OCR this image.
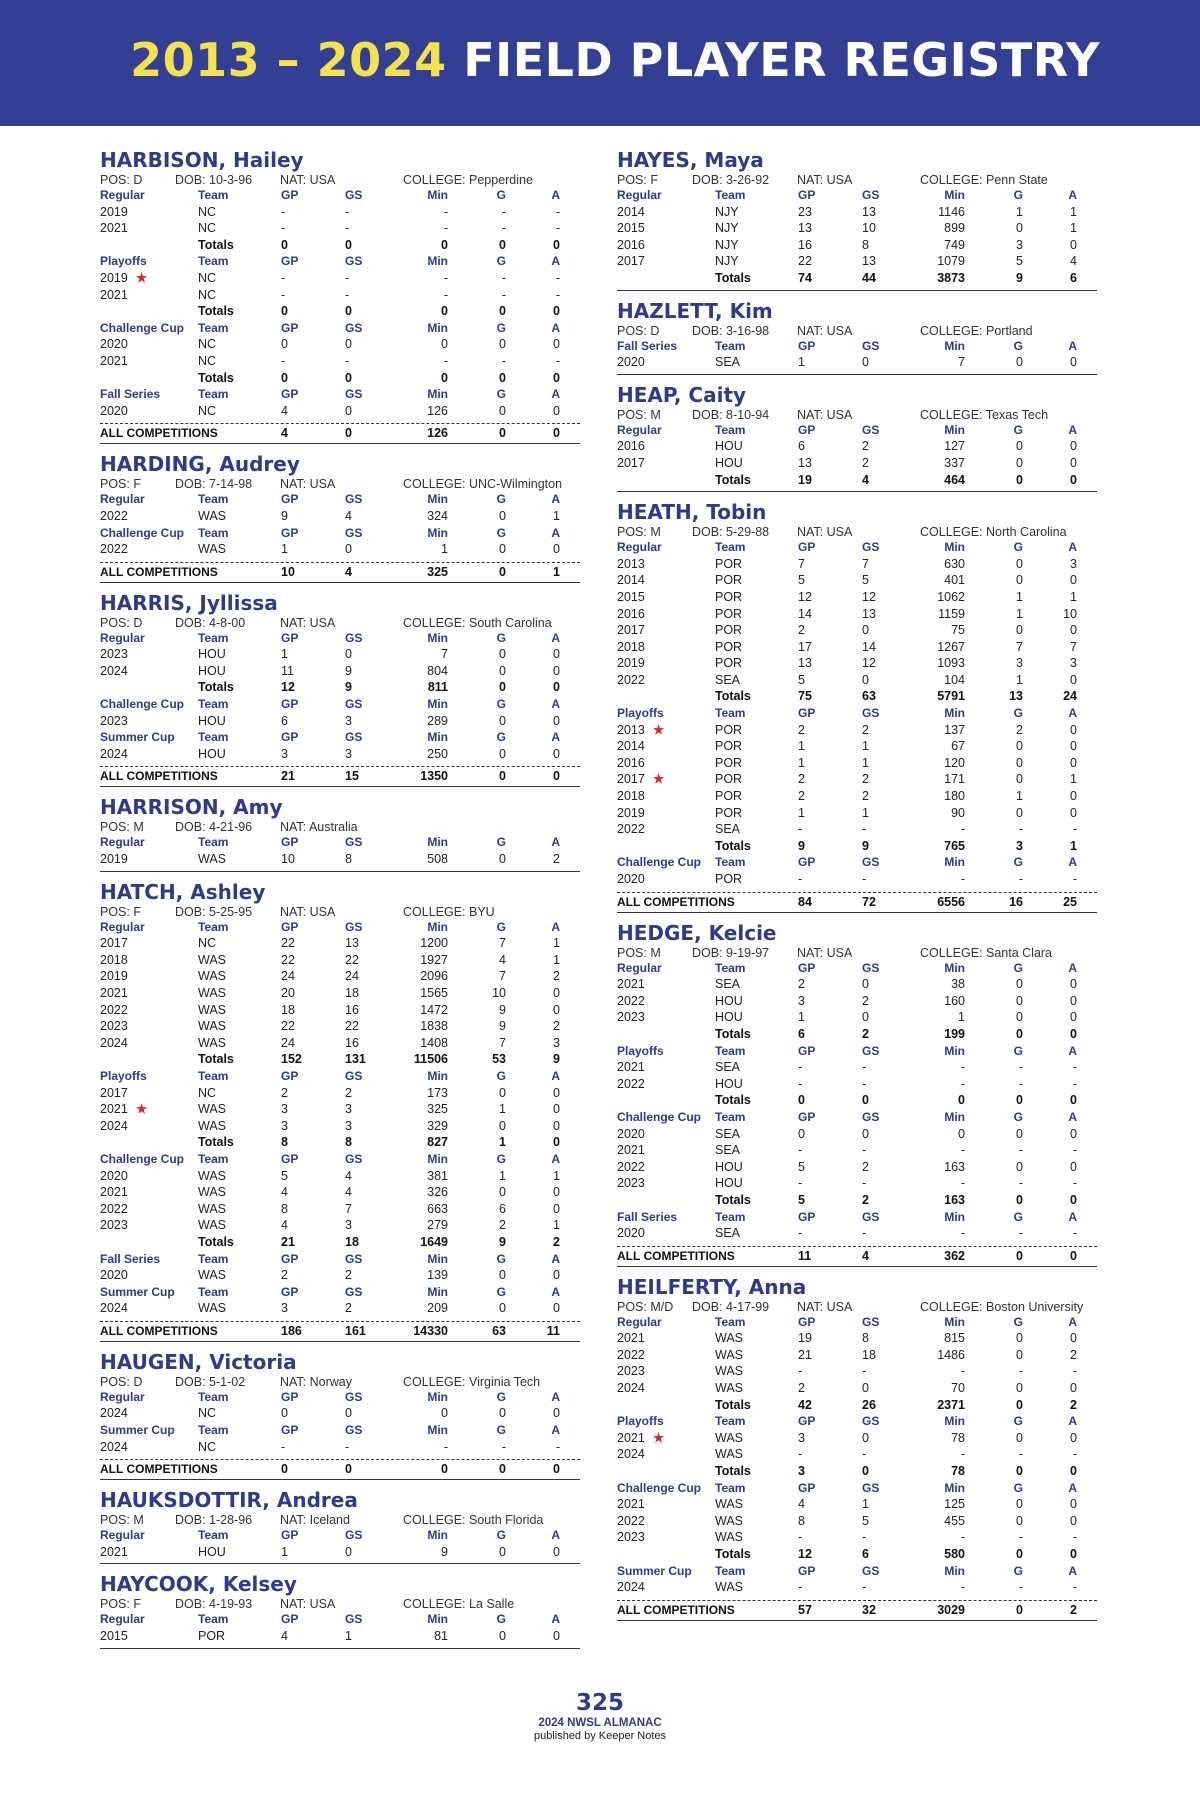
2013 – 2024 FIELD PLAYER REGISTRY
HARBISON, Hailey
POS: D	DOB: 10-3-96 NAT: USA	COLLEGE: Pepperdine
Regular	Team	GP	GS	Min	G	A
2019	NC	-	-	-	-	-
2021	NC	-	-	-	-	-
Totals	0	0	0	0	0
Playoffs	Team	GP	GS	Min	G	A
2019 ★	NC	-	-	-	-	-
2021	NC	-	-	-	-	-
Totals	0	0	0	0	0
Challenge Cup Team	GP	GS	Min	G	A
2020	NC	0	0	0	0	0
2021	NC	-	-	-	-	-
Totals	0	0	0	0	0
Fall Series	Team	GP	GS	Min	G	A
2020	NC	4	0	126	0	0
ALL COMPETITIONS	4	0	126	0	0
HARDING, Audrey
POS: F	DOB: 7-14-98 NAT: USA	COLLEGE: UNC-Wilmington
Regular	Team	GP	GS	Min	G	A
2022	WAS	9	4	324	0	1
Challenge Cup Team	GP	GS	Min	G	A
2022	WAS	1	0	1	0	0
ALL COMPETITIONS	10	4	325	0	1
HARRIS, Jyllissa
POS: D	DOB: 4-8-00	NAT: USA	COLLEGE: South Carolina
Regular	Team	GP	GS	Min	G	A
2023	HOU	1	0	7	0	0
2024	HOU	11	9	804	0	0
Totals	12	9	811	0	0
Challenge Cup Team	GP	GS	Min	G	A
2023	HOU	6	3	289	0	0
Summer Cup Team	GP	GS	Min	G	A
2024	HOU	3	3	250	0	0
ALL COMPETITIONS	21	15	1350	0	0
HARRISON, Amy
POS: M DOB: 4-21-96 NAT: Australia
Regular	Team	GP	GS	Min	G	A
2019	WAS	10	8	508	0	2
HATCH, Ashley
POS: F	DOB: 5-25-95 NAT: USA	COLLEGE: BYU
Regular	Team	GP	GS	Min	G	A
2017	NC	22	13	1200	7	1
2018	WAS	22	22	1927	4	1
2019	WAS	24	24	2096	7	2
2021	WAS	20	18	1565	10	0
2022	WAS	18	16	1472	9	0
2023	WAS	22	22	1838	9	2
2024	WAS	24	16	1408	7	3
Totals	152	131	11506	53	9
Playoffs	Team	GP	GS	Min	G	A
2017	NC	2	2	173	0	0
2021 ★	WAS	3	3	325	1	0
2024	WAS	3	3	329	0	0
Totals	8	8	827	1	0
Challenge Cup Team	GP	GS	Min	G	A
2020	WAS	5	4	381	1	1
2021	WAS	4	4	326	0	0
2022	WAS	8	7	663	6	0
2023	WAS	4	3	279	2	1
Totals	21	18	1649	9	2
Fall Series	Team	GP	GS	Min	G	A
2020	WAS	2	2	139	0	0
Summer Cup Team	GP	GS	Min	G	A
2024	WAS	3	2	209	0	0
ALL COMPETITIONS	186	161	14330	63	11
HAUGEN, Victoria
POS: D	DOB: 5-1-02	NAT: Norway	COLLEGE: Virginia Tech
Regular	Team	GP	GS	Min	G	A
2024	NC	0	0	0	0	0
Summer Cup Team	GP	GS	Min	G	A
2024	NC	-	-	-	-	-
ALL COMPETITIONS	0	0	0	0	0
HAUKSDOTTIR, Andrea
POS: M DOB: 1-28-96 NAT: Iceland	COLLEGE: South Florida
Regular	Team	GP	GS	Min	G	A
2021	HOU	1	0	9	0	0
HAYCOOK, Kelsey
POS: F	DOB: 4-19-93 NAT: USA	COLLEGE: La Salle
Regular	Team	GP	GS	Min	G	A
2015	POR	4	1	81	0	0
HAYES, Maya
POS: F	DOB: 3-26-92 NAT: USA	COLLEGE: Penn State
Regular	Team	GP	GS	Min	G	A
2014	NJY	23	13	1146	1	1
2015	NJY	13	10	899	0	1
2016	NJY	16	8	749	3	0
2017	NJY	22	13	1079	5	4
Totals	74	44	3873	9	6
HAZLETT, Kim
POS: D	DOB: 3-16-98 NAT: USA	COLLEGE: Portland
Fall Series	Team	GP	GS	Min	G	A
2020	SEA	1	0	7	0	0
HEAP, Caity
POS: M DOB: 8-10-94 NAT: USA	COLLEGE: Texas Tech
Regular	Team	GP	GS	Min	G	A
2016	HOU	6	2	127	0	0
2017	HOU	13	2	337	0	0
Totals	19	4	464	0	0
HEATH, Tobin
POS: M DOB: 5-29-88 NAT: USA	COLLEGE: North Carolina
Regular	Team	GP	GS	Min	G	A
2013	POR	7	7	630	0	3
2014	POR	5	5	401	0	0
2015	POR	12	12	1062	1	1
2016	POR	14	13	1159	1	10
2017	POR	2	0	75	0	0
2018	POR	17	14	1267	7	7
2019	POR	13	12	1093	3	3
2022	SEA	5	0	104	1	0
Totals	75	63	5791	13	24
Playoffs	Team	GP	GS	Min	G	A
2013 ★	POR	2	2	137	2	0
2014	POR	1	1	67	0	0
2016	POR	1	1	120	0	0
2017 ★	POR	2	2	171	0	1
2018	POR	2	2	180	1	0
2019	POR	1	1	90	0	0
2022	SEA	-	-	-	-	-
Totals	9	9	765	3	1
Challenge Cup Team	GP	GS	Min	G	A
2020	POR	-	-	-	-	-
ALL COMPETITIONS	84	72	6556	16	25
HEDGE, Kelcie
POS: M DOB: 9-19-97 NAT: USA	COLLEGE: Santa Clara
Regular	Team	GP	GS	Min	G	A
2021	SEA	2	0	38	0	0
2022	HOU	3	2	160	0	0
2023	HOU	1	0	1	0	0
Totals	6	2	199	0	0
Playoffs	Team	GP	GS	Min	G	A
2021	SEA	-	-	-	-	-
2022	HOU	-	-	-	-	-
Totals	0	0	0	0	0
Challenge Cup Team	GP	GS	Min	G	A
2020	SEA	0	0	0	0	0
2021	SEA	-	-	-	-	-
2022	HOU	5	2	163	0	0
2023	HOU	-	-	-	-	-
Totals	5	2	163	0	0
Fall Series	Team	GP	GS	Min	G	A
2020	SEA	-	-	-	-	-
ALL COMPETITIONS	11	4	362	0	0
HEILFERTY, Anna
POS: M/D DOB: 4-17-99 NAT: USA	COLLEGE: Boston University
Regular	Team	GP	GS	Min	G	A
2021	WAS	19	8	815	0	0
2022	WAS	21	18	1486	0	2
2023	WAS	-	-	-	-	-
2024	WAS	2	0	70	0	0
Totals	42	26	2371	0	2
Playoffs	Team	GP	GS	Min	G	A
2021 ★	WAS	3	0	78	0	0
2024	WAS	-	-	-	-	-
Totals	3	0	78	0	0
Challenge Cup Team	GP	GS	Min	G	A
2021	WAS	4	1	125	0	0
2022	WAS	8	5	455	0	0
2023	WAS	-	-	-	-	-
Totals	12	6	580	0	0
Summer Cup Team	GP	GS	Min	G	A
2024	WAS	-	-	-	-	-
ALL COMPETITIONS	57	32	3029	0	2
325
2024 NWSL ALMANAC
published by Keeper Notes
